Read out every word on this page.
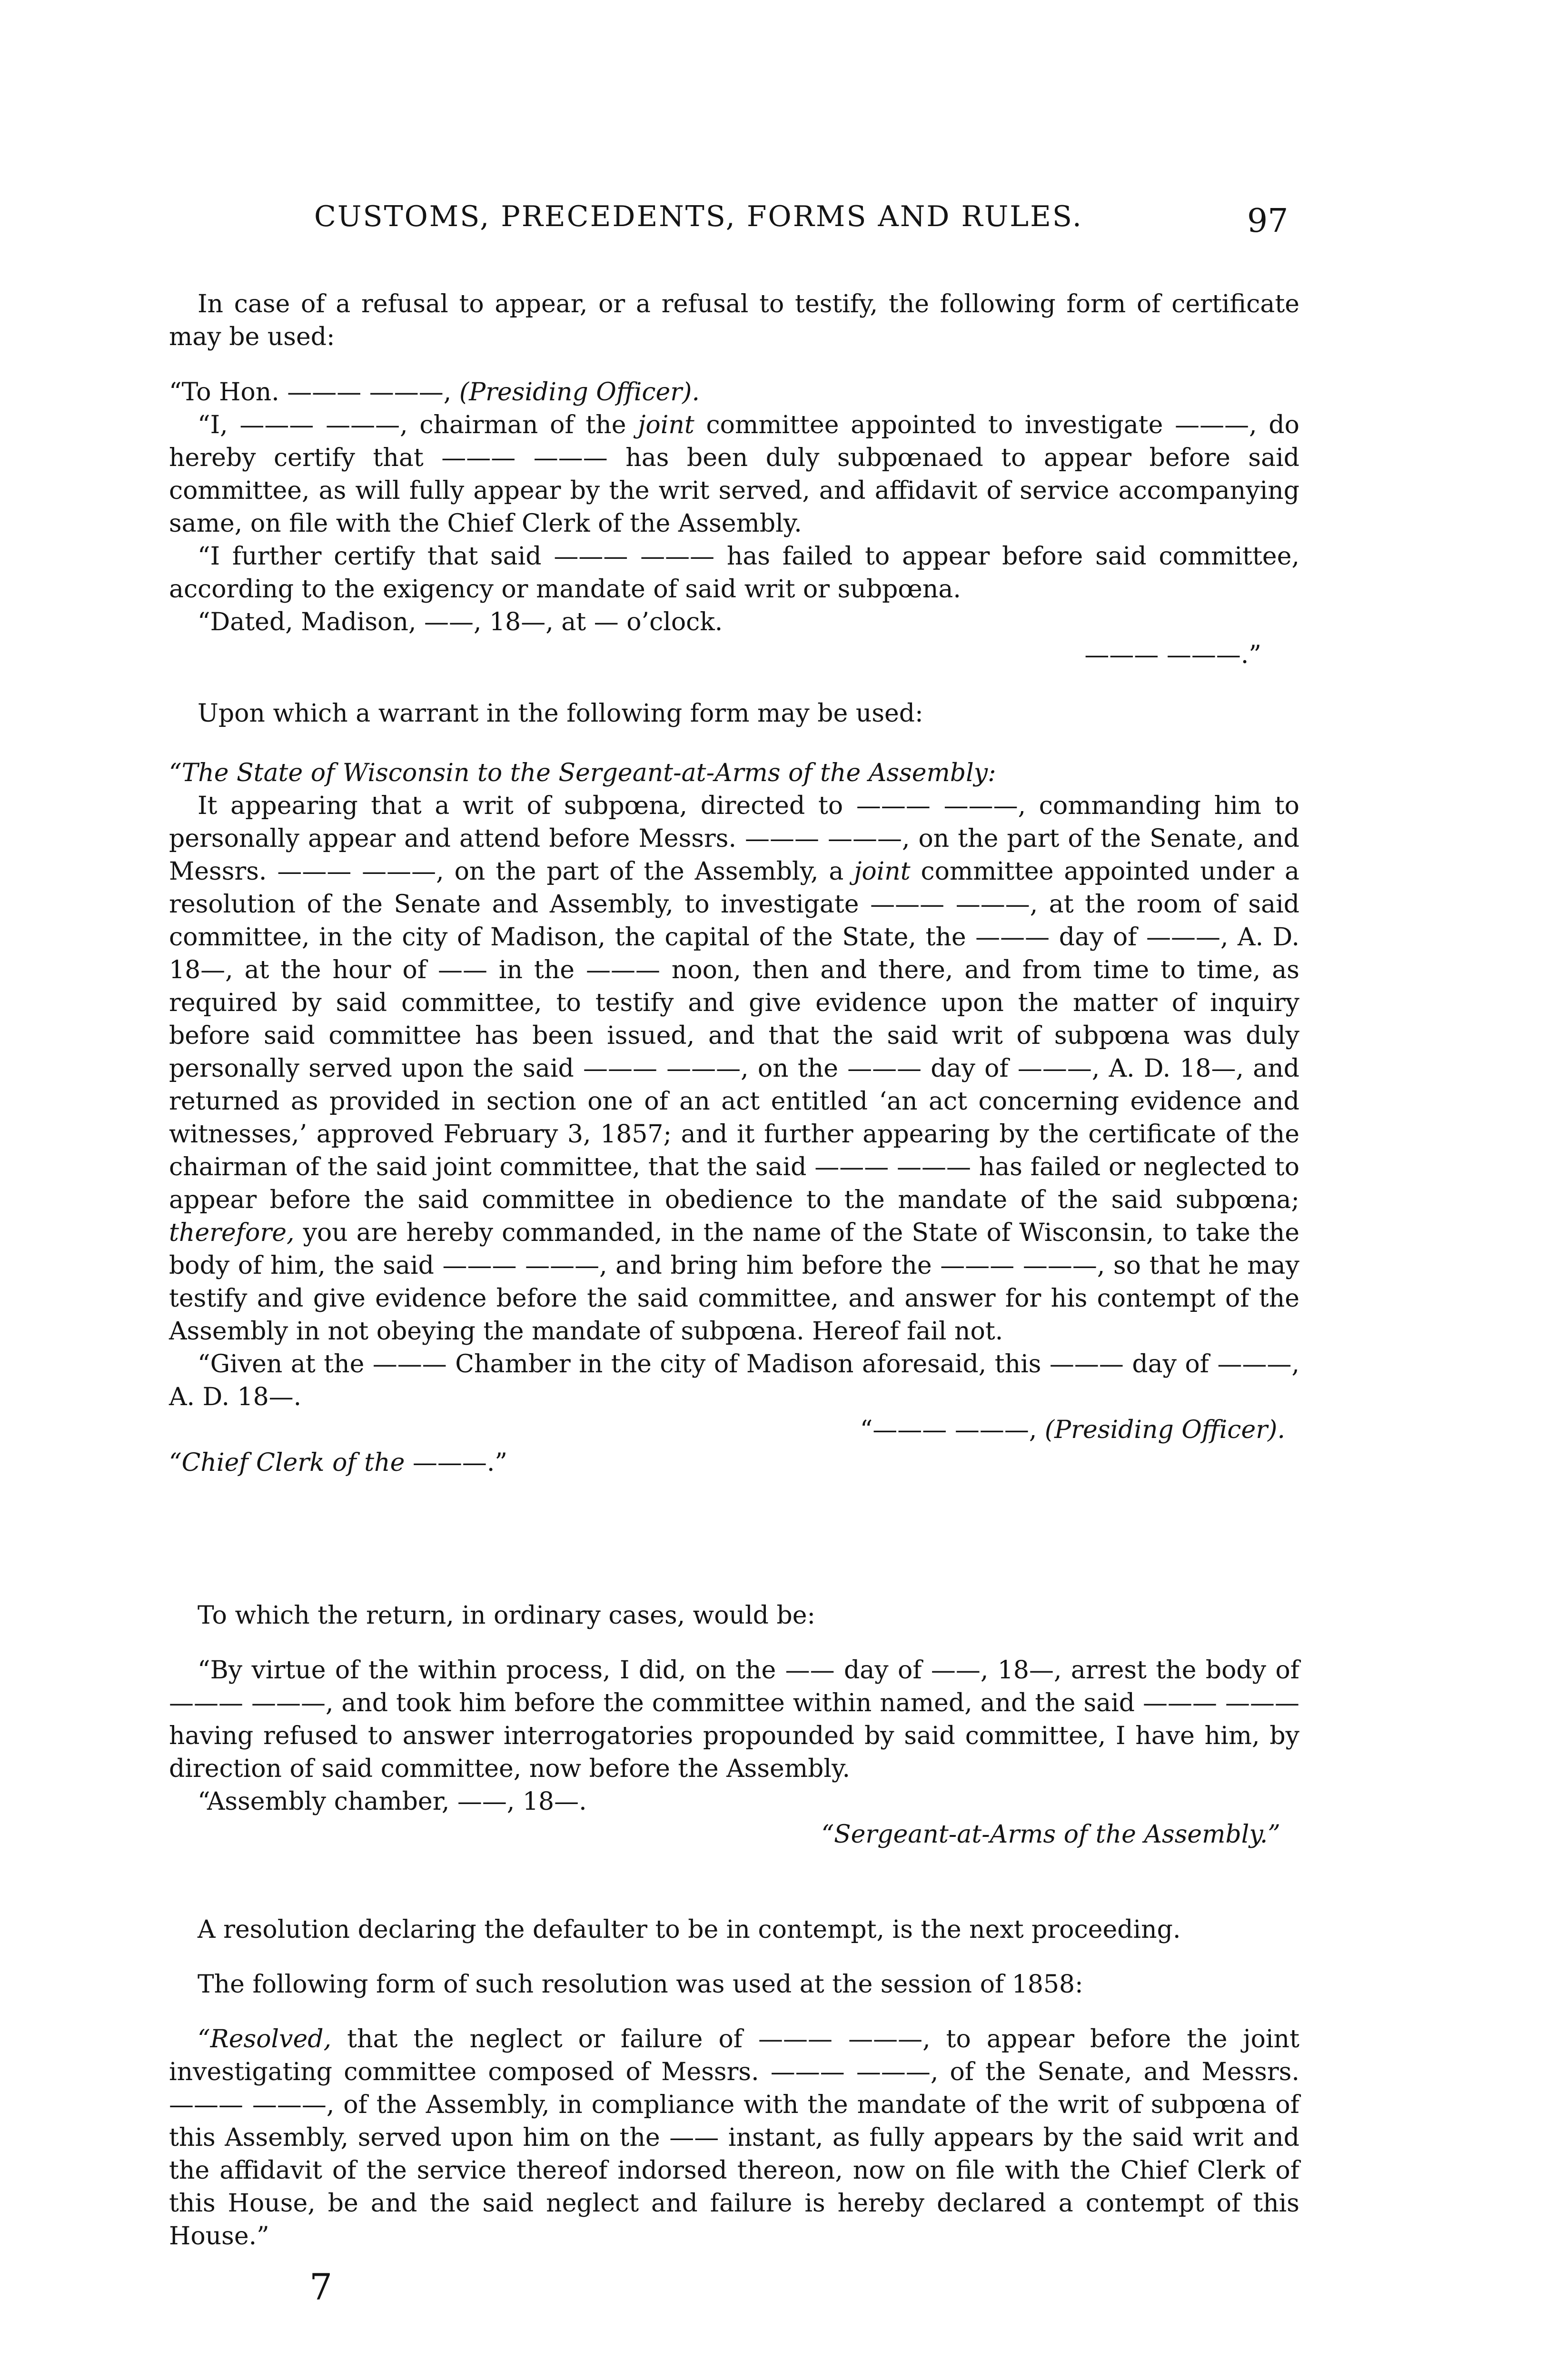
CUSTOMS, PRECEDENTS, FORMS AND RULES.	97
In case of a refusal to appear, or a refusal to testify, the following form of certificate may be used:
“To Hon. ——— ———, (Presiding Officer).
“I, ——— ———, chairman of the joint committee appointed to investigate ———, do hereby certify that ——— ——— has been duly subpœnaed to appear before said committee, as will fully appear by the writ served, and affidavit of service accompanying same, on file with the Chief Clerk of the Assembly.
“I further certify that said ——— ——— has failed to appear before said committee, according to the exigency or mandate of said writ or subpœna.
“Dated, Madison, ——, 18—, at — o’clock.
——— ———.”
Upon which a warrant in the following form may be used:
“The State of Wisconsin to the Sergeant-at-Arms of the Assembly:
It appearing that a writ of subpœna, directed to ——— ———, commanding him to personally appear and attend before Messrs. ——— ———, on the part of the Senate, and Messrs. ——— ———, on the part of the Assembly, a joint committee appointed under a resolution of the Senate and Assembly, to investigate ——— ———, at the room of said committee, in the city of Madison, the capital of the State, the ——— day of ———, A. D. 18—, at the hour of —— in the ——— noon, then and there, and from time to time, as required by said committee, to testify and give evidence upon the matter of inquiry before said committee has been issued, and that the said writ of subpœna was duly personally served upon the said ——— ———, on the ——— day of ———, A. D. 18—, and returned as provided in section one of an act entitled ‘an act concerning evidence and witnesses,’ approved February 3, 1857; and it further appearing by the certificate of the chairman of the said joint committee, that the said ——— ——— has failed or neglected to appear before the said committee in obedience to the mandate of the said subpœna; therefore, you are hereby commanded, in the name of the State of Wisconsin, to take the body of him, the said ——— ———, and bring him before the ——— ———, so that he may testify and give evidence before the said committee, and answer for his contempt of the Assembly in not obeying the mandate of subpœna. Hereof fail not.
“Given at the ——— Chamber in the city of Madison aforesaid, this ——— day of ———, A. D. 18—.
“——— ———, (Presiding Officer).
“Chief Clerk of the ———.”
To which the return, in ordinary cases, would be:
“By virtue of the within process, I did, on the —— day of ——, 18—, arrest the body of ——— ———, and took him before the committee within named, and the said ——— ——— having refused to answer interrogatories propounded by said committee, I have him, by direction of said committee, now before the Assembly.
“Assembly chamber, ——, 18—.
“Sergeant-at-Arms of the Assembly.”
A resolution declaring the defaulter to be in contempt, is the next proceeding.
The following form of such resolution was used at the session of 1858:
“Resolved, that the neglect or failure of ——— ———, to appear before the joint investigating committee composed of Messrs. ——— ———, of the Senate, and Messrs. ——— ———, of the Assembly, in compliance with the mandate of the writ of subpœna of this Assembly, served upon him on the —— instant, as fully appears by the said writ and the affidavit of the service thereof indorsed thereon, now on file with the Chief Clerk of this House, be and the said neglect and failure is hereby declared a contempt of this House.”
7
